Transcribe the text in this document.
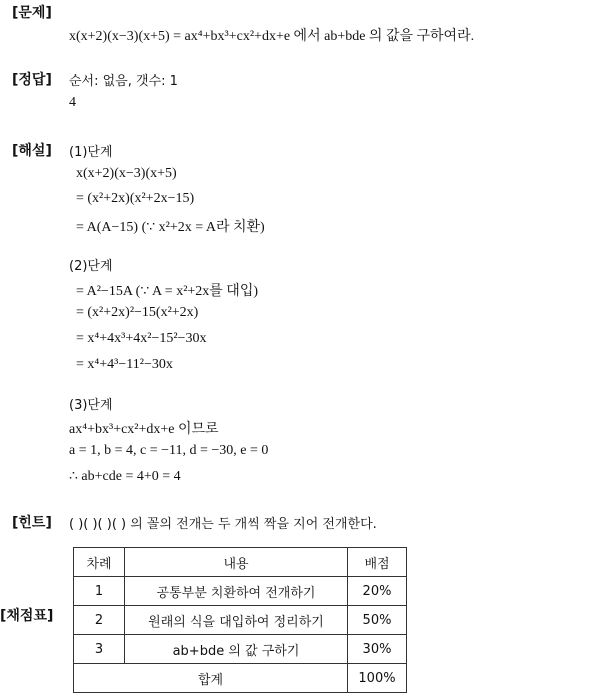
[문제]
x(x+2)(x−3)(x+5) = ax⁴+bx³+cx²+dx+e 에서 ab+bde 의 값을 구하여라.
[정답] 순서: 없음, 갯수: 1
4
[해설] (1)단계
x(x+2)(x−3)(x+5)
= (x²+2x)(x²+2x−15)
= A(A−15) (∵ x²+2x = A라 치환)
(2)단계
= A²−15A (∵ A = x²+2x를 대입)
= (x²+2x)²−15(x²+2x)
= x⁴+4x³+4x²−15²−30x
= x⁴+4³−11²−30x
(3)단계
ax⁴+bx³+cx²+dx+e 이므로
a = 1, b = 4, c = −11, d = −30, e = 0
∴ ab+cde = 4+0 = 4
[힌트] ( )( )( )( ) 의 꼴의 전개는 두 개씩 짝을 지어 전개한다.
[채점표]
차례	내용	배점
1	공통부분 치환하여 전개하기	20%
2	원래의 식을 대입하여 정리하기	50%
3	ab+bde 의 값 구하기	30%
합계		100%
